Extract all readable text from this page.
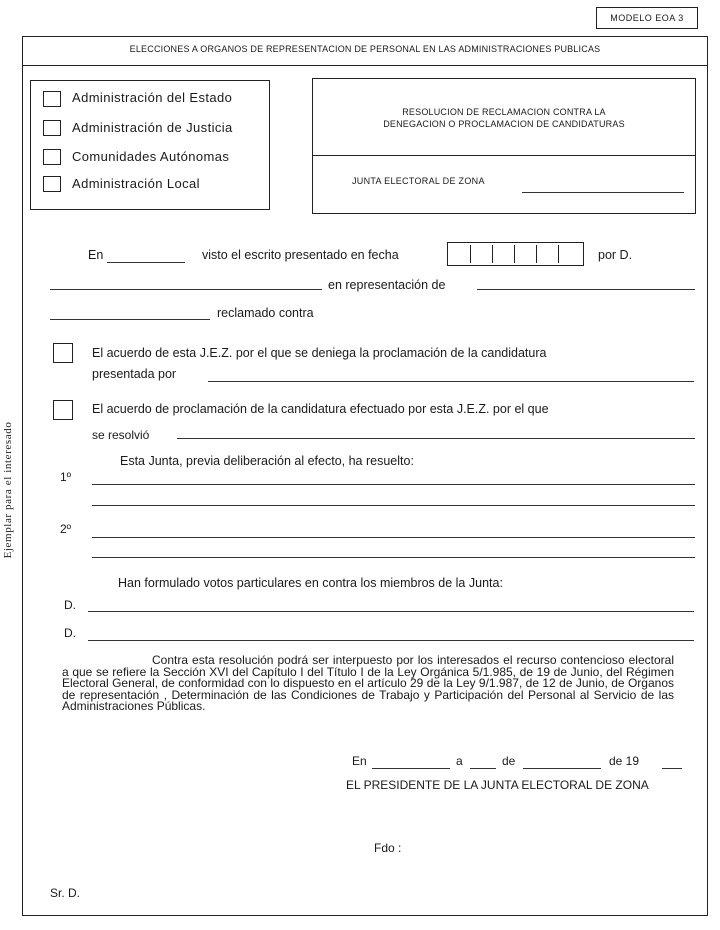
MODELO EOA 3
Ejemplar para el interesado
ELECCIONES A ORGANOS DE REPRESENTACION DE PERSONAL EN LAS ADMINISTRACIONES PUBLICAS
Administración del Estado
Administración de Justicia
Comunidades Autónomas
Administración Local
RESOLUCION DE RECLAMACION CONTRA LA
DENEGACION O PROCLAMACION DE CANDIDATURAS
JUNTA ELECTORAL DE ZONA
En	visto el escrito presentado en fecha	por D.
en representación de
reclamado contra
El acuerdo de esta J.E.Z. por el que se deniega la proclamación de la candidatura
presentada por
El acuerdo de proclamación de la candidatura efectuado por esta J.E.Z. por el que
se resolvió
Esta Junta, previa deliberación al efecto, ha resuelto:
1º
2º
Han formulado votos particulares en contra los miembros de la Junta:
D.
D.
Contra esta resolución podrá ser interpuesto por los interesados el recurso contencioso electoral a que se refiere la Sección XVI del Capítulo I del Título I de la Ley Orgánica 5/1.985, de 19 de Junio, del Régimen Electoral General, de conformidad con lo dispuesto en el artículo 29 de la Ley 9/1.987, de 12 de Junio, de Organos de representación , Determinación de las Condiciones de Trabajo y Participación del Personal al Servicio de las Administraciones Públicas.
En	a	de	de 19
EL PRESIDENTE DE LA JUNTA ELECTORAL DE ZONA
Fdo :
Sr. D.
